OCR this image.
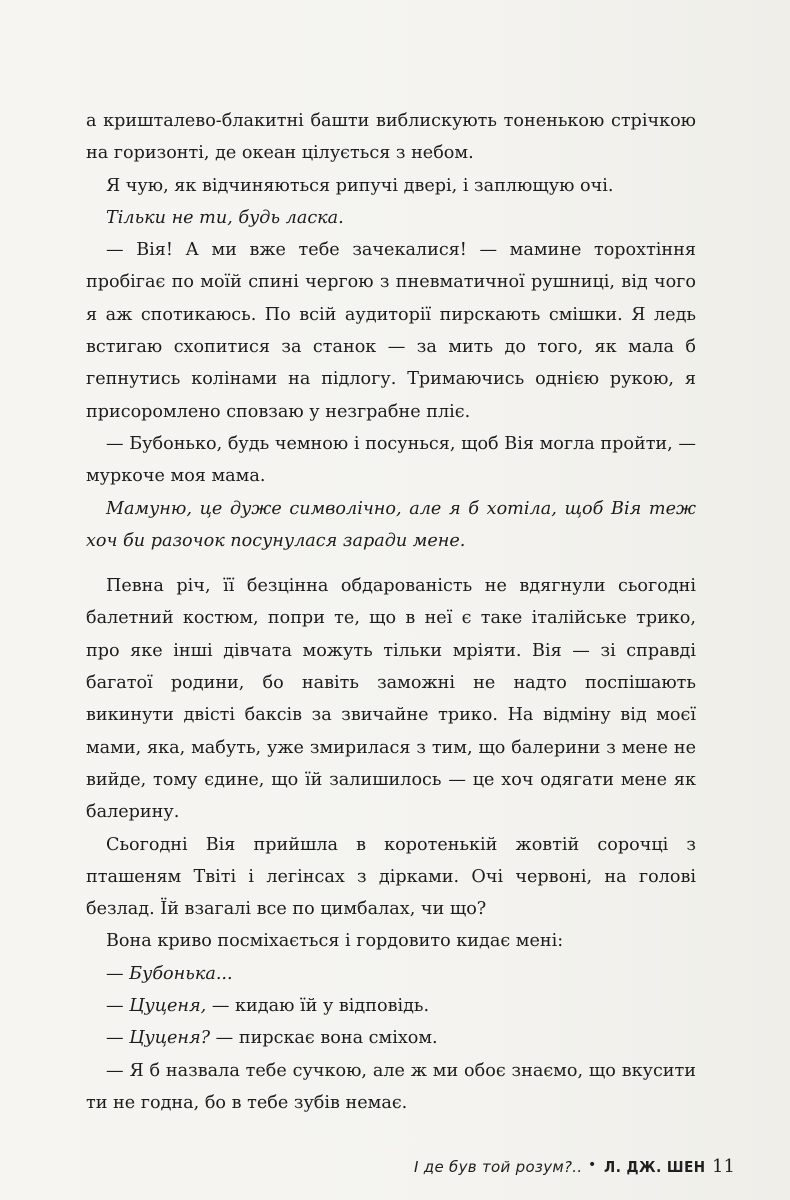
а кришталево-блакитні башти виблискують тоненькою стрічкою на горизонті, де океан цілується з небом.

Я чую, як відчиняються рипучі двері, і заплющую очі.

Тільки не ти, будь ласка.

— Вія! А ми вже тебе зачекалися! — мамине торохтіння пробігає по моїй спині чергою з пневматичної рушниці, від чого я аж спотикаюсь. По всій аудиторії пирскають смішки. Я ледь встигаю схопитися за станок — за мить до того, як мала б гепнутись колінами на підлогу. Тримаючись однією рукою, я присоромлено сповзаю у незграбне пліє.

— Бубонько, будь чемною і посунься, щоб Вія могла пройти, — муркоче моя мама.

Мамуню, це дуже символічно, але я б хотіла, щоб Вія теж хоч би разочок посунулася заради мене.

Певна річ, її безцінна обдарованість не вдягнули сьогодні балетний костюм, попри те, що в неї є таке італійське трико, про яке інші дівчата можуть тільки мріяти. Вія — зі справді багатої родини, бо навіть заможні не надто поспішають викинути двісті баксів за звичайне трико. На відміну від моєї мами, яка, мабуть, уже змирилася з тим, що балерини з мене не вийде, тому єдине, що їй залишилось — це хоч одягати мене як балерину.

Сьогодні Вія прийшла в коротенькій жовтій сорочці з пташеням Твіті і легінсах з дірками. Очі червоні, на голові безлад. Їй взагалі все по цимбалах, чи що?

Вона криво посміхається і гордовито кидає мені:

— Бубонька...

— Цуценя, — кидаю їй у відповідь.

— Цуценя? — пирскає вона сміхом.

— Я б назвала тебе сучкою, але ж ми обоє знаємо, що вкусити ти не годна, бо в тебе зубів немає.

І де був той розум?.. • Л. ДЖ. ШЕН 11
